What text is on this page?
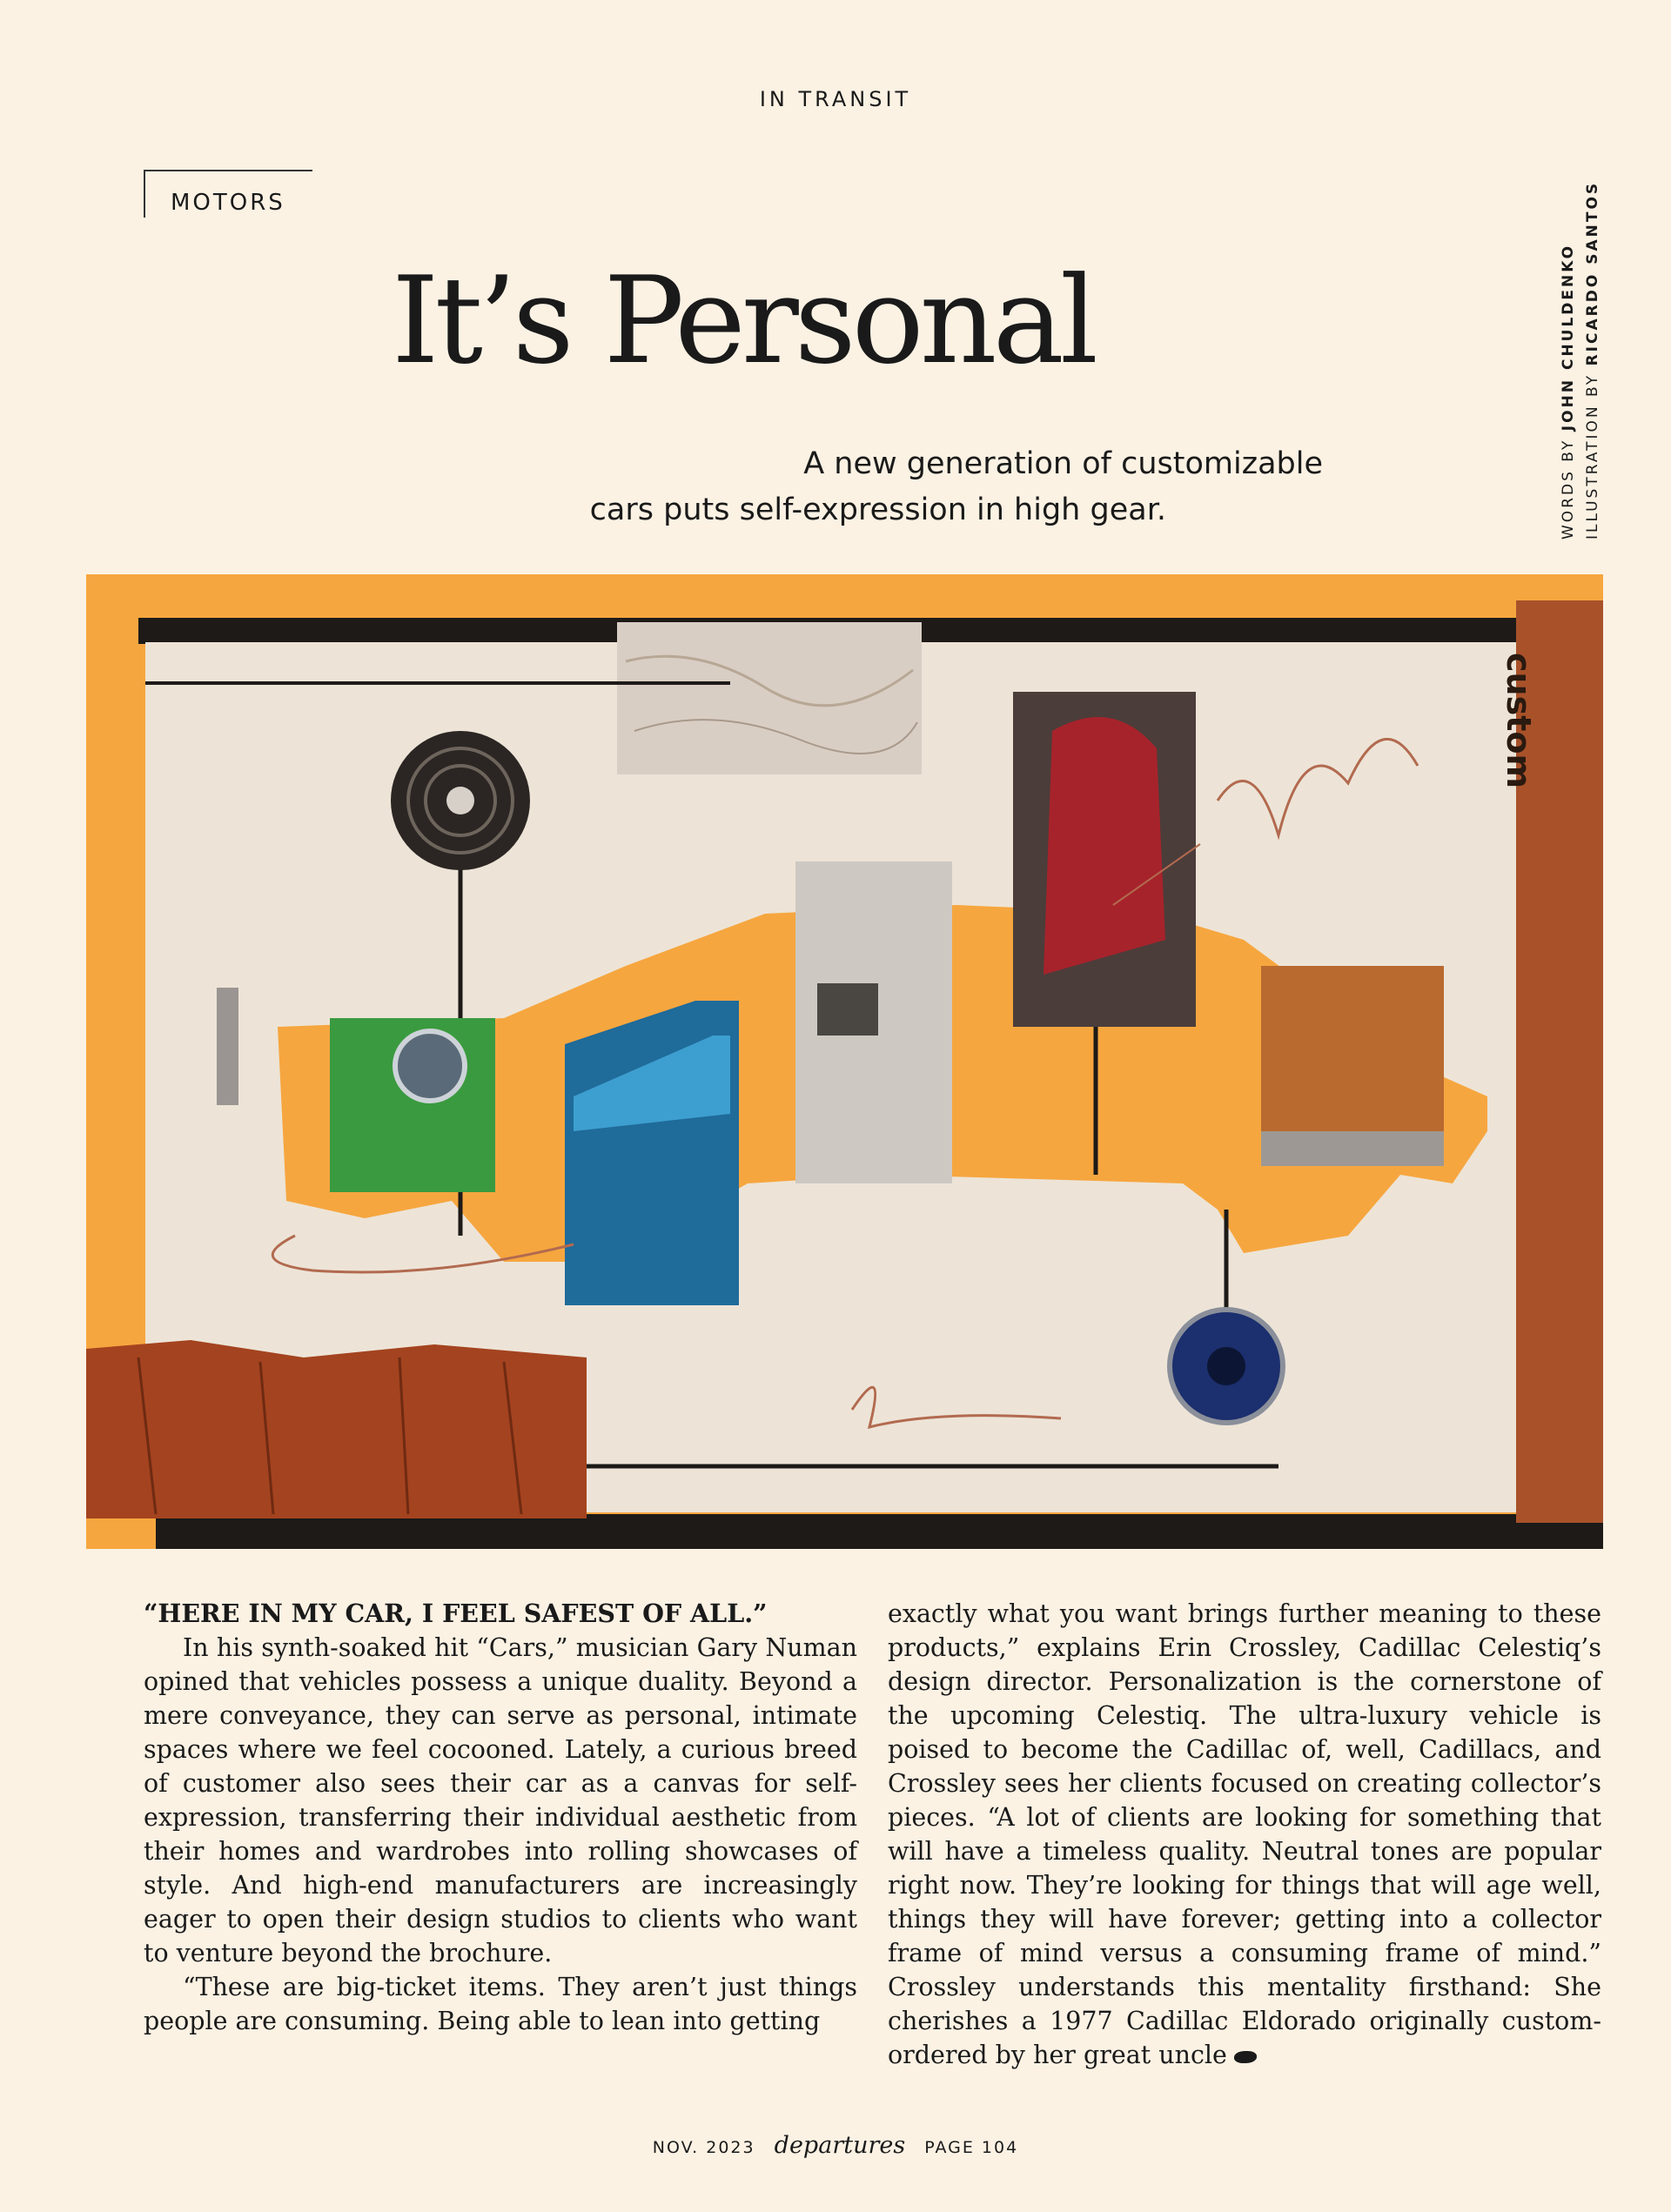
IN TRANSIT
MOTORS
It’s Personal
A new generation of customizable
cars puts self-expression in high gear.	WORDS BY JOHN CHULDENKO
ILLUSTRATION BY RICARDO SANTOS
custom

“HERE IN MY CAR, I FEEL SAFEST OF ALL.”

In his synth-soaked hit “Cars,” musician Gary Numan opined that vehicles possess a unique duality. Beyond a mere conveyance, they can serve as personal, intimate spaces where we feel cocooned. Lately, a curious breed of customer also sees their car as a canvas for self-expression, transferring their individual aesthetic from their homes and wardrobes into rolling showcases of style. And high-end manufacturers are increasingly eager to open their design studios to clients who want to venture beyond the brochure.

“These are big-ticket items. They aren’t just things people are consuming. Being able to lean into getting

exactly what you want brings further meaning to these products,” explains Erin Crossley, Cadillac Celestiq’s design director. Personalization is the cornerstone of the upcoming Celestiq. The ultra-luxury vehicle is poised to become the Cadillac of, well, Cadillacs, and Crossley sees her clients focused on creating collector’s pieces. “A lot of clients are looking for something that will have a timeless quality. Neutral tones are popular right now. They’re looking for things that will age well, things they will have forever; getting into a collector frame of mind versus a consuming frame of mind.” Crossley understands this mentality firsthand: She cherishes a 1977 Cadillac Eldorado originally custom-ordered by her great uncle

NOV. 2023 departures PAGE 104
